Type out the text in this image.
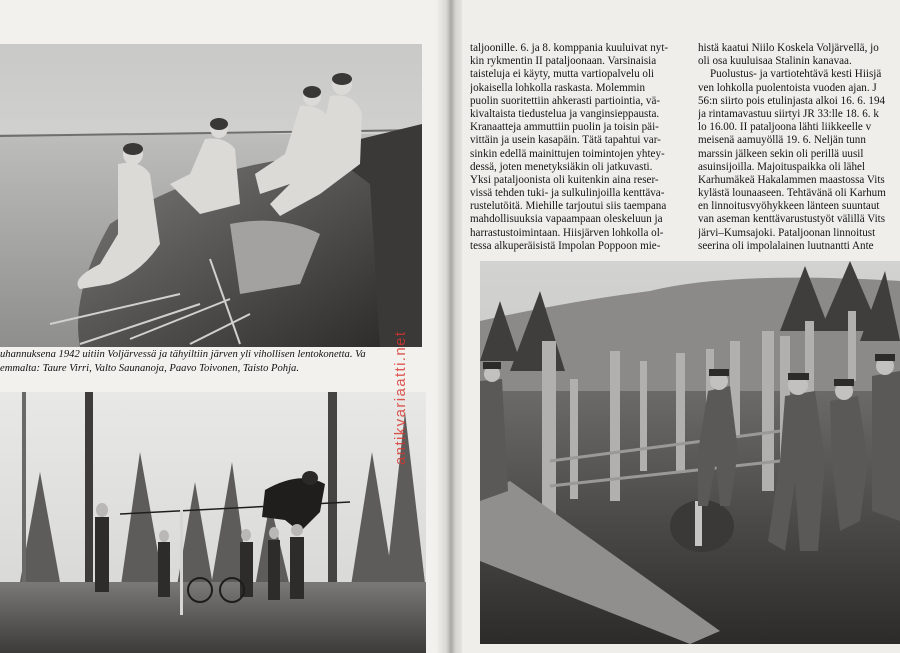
uhannuksena 1942 uitiin Voljärvessä ja tähyiltiin järven yli vihollisen lentokonetta. Va
emmalta: Taure Virri, Valto Saunanoja, Paavo Toivonen, Taisto Pohja.	antikvariaatti.net
taljoonille. 6. ja 8. komppania kuuluivat nyt-
kin rykmentin II pataljoonaan. Varsinaisia
taisteluja ei käyty, mutta vartiopalvelu oli
jokaisella lohkolla raskasta. Molemmin
puolin suoritettiin ahkerasti partiointia, vä-
kivaltaista tiedustelua ja vanginsieppausta.
Kranaatteja ammuttiin puolin ja toisin päi-
vittäin ja usein kasapäin. Tätä tapahtui var-
sinkin edellä mainittujen toimintojen yhtey-
dessä, joten menetyksiäkin oli jatkuvasti.
Yksi pataljoonista oli kuitenkin aina reser-
vissä tehden tuki- ja sulkulinjoilla kenttäva-
rustelutöitä. Miehille tarjoutui siis taempana
mahdollisuuksia vapaampaan oleskeluun ja
harrastustoimintaan. Hiisjärven lohkolla ol-
tessa alkuperäisistä Impolan Poppoon mie-
histä kaatui Niilo Koskela Voljärvellä, jo
oli osa kuuluisaa Stalinin kanavaa.
Puolustus- ja vartiotehtävä kesti Hiisjä
ven lohkolla puolentoista vuoden ajan. J
56:n siirto pois etulinjasta alkoi 16. 6. 194
ja rintamavastuu siirtyi JR 33:lle 18. 6. k
lo 16.00. II pataljoona lähti liikkeelle v
meisenä aamuyöllä 19. 6. Neljän tunn
marssin jälkeen sekin oli perillä uusil
asuinsijoilla. Majoituspaikka oli lähel
Karhumäkeä Hakalammen maastossa Vits
kylästä lounaaseen. Tehtävänä oli Karhum
en linnoitusvyöhykkeen länteen suuntaut
van aseman kenttävarustustyöt välillä Vits
järvi–Kumsajoki. Pataljoonan linnoitust
seerina oli impolalainen luutnantti Ante
